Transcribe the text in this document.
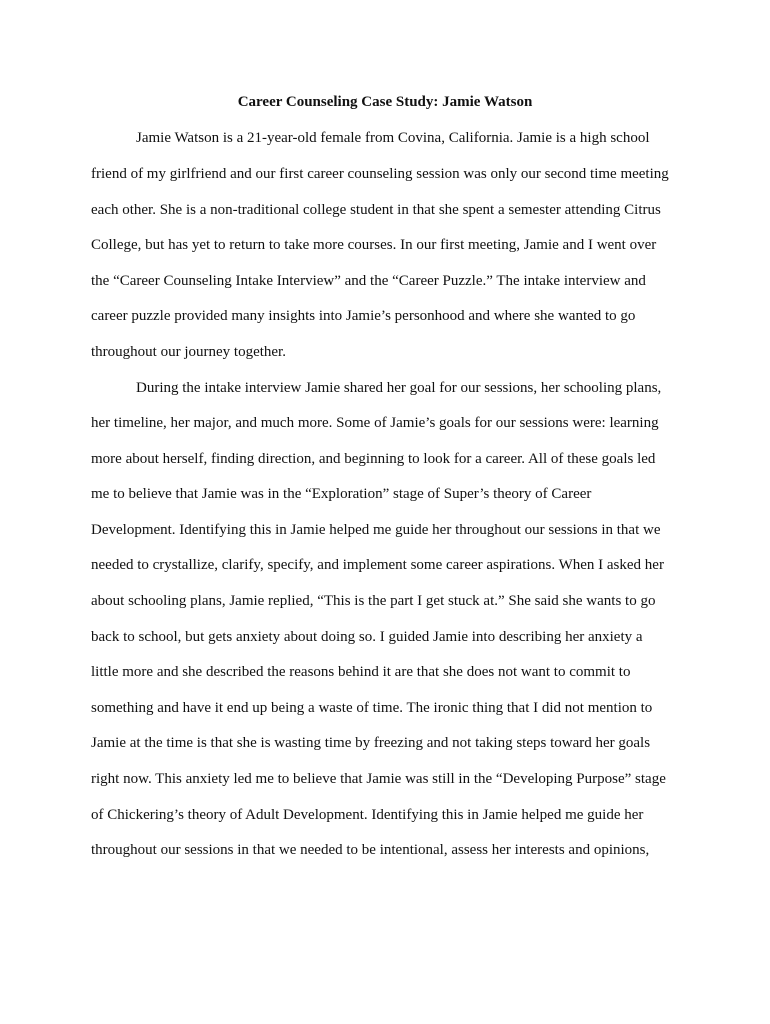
Career Counseling Case Study: Jamie Watson

Jamie Watson is a 21-year-old female from Covina, California. Jamie is a high school

friend of my girlfriend and our first career counseling session was only our second time meeting

each other. She is a non-traditional college student in that she spent a semester attending Citrus

College, but has yet to return to take more courses. In our first meeting, Jamie and I went over

the “Career Counseling Intake Interview” and the “Career Puzzle.” The intake interview and

career puzzle provided many insights into Jamie’s personhood and where she wanted to go

throughout our journey together.

During the intake interview Jamie shared her goal for our sessions, her schooling plans,

her timeline, her major, and much more. Some of Jamie’s goals for our sessions were: learning

more about herself, finding direction, and beginning to look for a career. All of these goals led

me to believe that Jamie was in the “Exploration” stage of Super’s theory of Career

Development. Identifying this in Jamie helped me guide her throughout our sessions in that we

needed to crystallize, clarify, specify, and implement some career aspirations. When I asked her

about schooling plans, Jamie replied, “This is the part I get stuck at.” She said she wants to go

back to school, but gets anxiety about doing so. I guided Jamie into describing her anxiety a

little more and she described the reasons behind it are that she does not want to commit to

something and have it end up being a waste of time. The ironic thing that I did not mention to

Jamie at the time is that she is wasting time by freezing and not taking steps toward her goals

right now. This anxiety led me to believe that Jamie was still in the “Developing Purpose” stage

of Chickering’s theory of Adult Development. Identifying this in Jamie helped me guide her

throughout our sessions in that we needed to be intentional, assess her interests and opinions,
